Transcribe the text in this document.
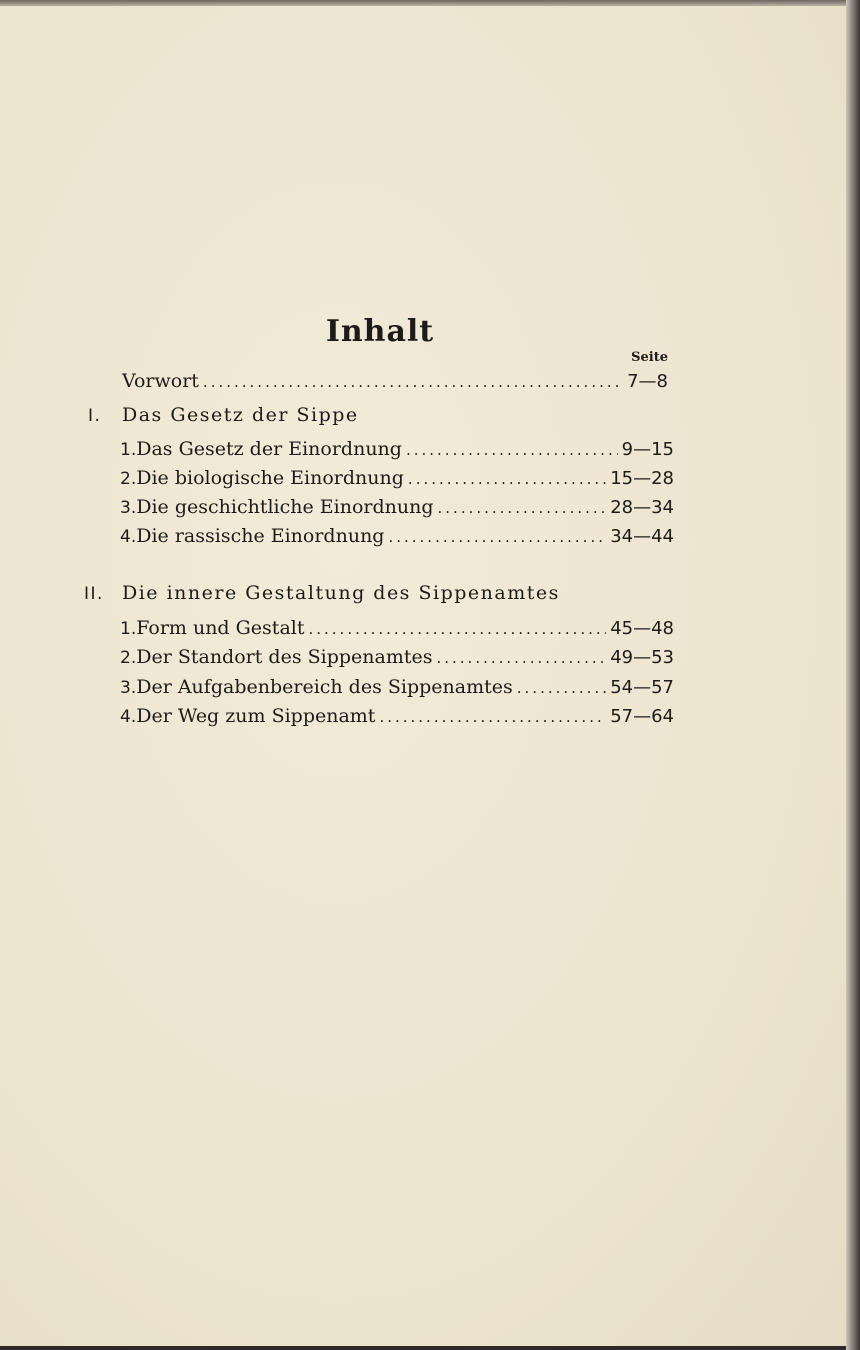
Inhalt
Seite
Vorwort .....	7—8
I. Das Gesetz der Sippe
1. Das Gesetz der Einordnung .....	9—15
2. Die biologische Einordnung .....	15—28
3. Die geschichtliche Einordnung .....	28—34
4. Die rassische Einordnung .....	34—44
II. Die innere Gestaltung des Sippenamtes
1. Form und Gestalt .....	45—48
2. Der Standort des Sippenamtes .....	49—53
3. Der Aufgabenbereich des Sippenamtes .....	54—57
4. Der Weg zum Sippenamt .....	57—64
